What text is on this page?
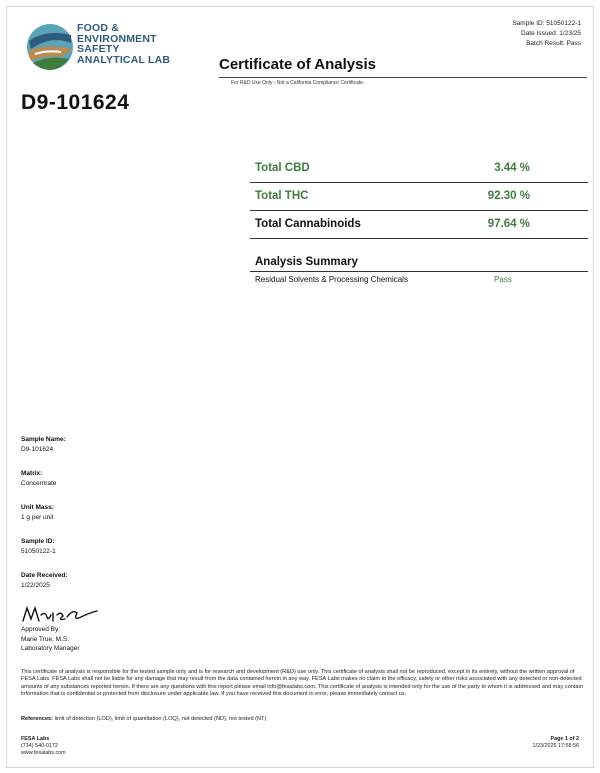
FOOD &
ENVIRONMENT
SAFETY
ANALYTICAL LAB
Sample ID: 51050122-1
Date Issued: 1/23/25
Batch Result: Pass
Certificate of Analysis
For R&D Use Only - Not a California Compliance Certificate.
D9-101624
Total CBD	3.44 %
Total THC	92.30 %
Total Cannabinoids	97.64 %
Analysis Summary
Residual Solvents & Processing Chemicals	Pass
Sample Name:
D9-101624
Matrix:
Concentrate
Unit Mass:
1 g per unit
Sample ID:
51050122-1
Date Received:
1/22/2025
Approved By:
Marie True, M.S.
Laboratory Manager
This certificate of analysis is responsible for the tested sample only and is for research and development (R&D) use only. This certificate of analysis shall not be reproduced, except in its entirety, without the written approval of FESA Labs. FESA Labs shall not be liable for any damage that may result from the data contained herein in any way. FESA Labs makes no claim to the efficacy, safety or other risks associated with any detected or non-detected amounts of any substances reported herein. If there are any questions with this report please email info@fesalabs.com. This certificate of analysis is intended only for the use of the party to whom it is addressed and may contain information that is confidential or protected from disclosure under applicable law. If you have received this document in error, please immediately contact us.
References: limit of detection (LOD), limit of quantitation (LOQ), not detected (ND), not tested (NT)
FESA Labs
(714) 540-0172
www.fesalabs.com
Page 1 of 2
1/23/2025 17:58:56
